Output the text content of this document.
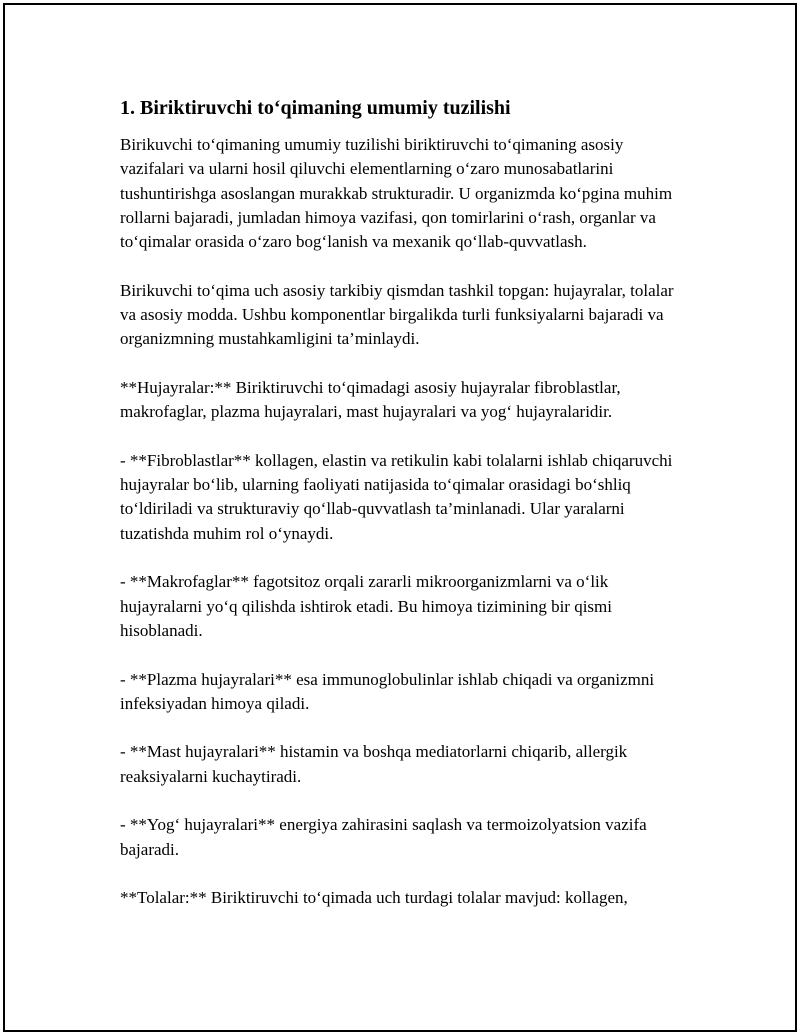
1. Biriktiruvchi to‘qimaning umumiy tuzilishi

Birikuvchi to‘qimaning umumiy tuzilishi biriktiruvchi to‘qimaning asosiy vazifalari va ularni hosil qiluvchi elementlarning o‘zaro munosabatlarini tushuntirishga asoslangan murakkab strukturadir. U organizmda ko‘pgina muhim rollarni bajaradi, jumladan himoya vazifasi, qon tomirlarini o‘rash, organlar va to‘qimalar orasida o‘zaro bog‘lanish va mexanik qo‘llab-quvvatlash.

Birikuvchi to‘qima uch asosiy tarkibiy qismdan tashkil topgan: hujayralar, tolalar va asosiy modda. Ushbu komponentlar birgalikda turli funksiyalarni bajaradi va organizmning mustahkamligini ta’minlaydi.

**Hujayralar:** Biriktiruvchi to‘qimadagi asosiy hujayralar fibroblastlar, makrofaglar, plazma hujayralari, mast hujayralari va yog‘ hujayralaridir.

- **Fibroblastlar** kollagen, elastin va retikulin kabi tolalarni ishlab chiqaruvchi hujayralar bo‘lib, ularning faoliyati natijasida to‘qimalar orasidagi bo‘shliq to‘ldiriladi va strukturaviy qo‘llab-quvvatlash ta’minlanadi. Ular yaralarni tuzatishda muhim rol o‘ynaydi.

- **Makrofaglar** fagotsitoz orqali zararli mikroorganizmlarni va o‘lik hujayralarni yo‘q qilishda ishtirok etadi. Bu himoya tizimining bir qismi hisoblanadi.

- **Plazma hujayralari** esa immunoglobulinlar ishlab chiqadi va organizmni infeksiyadan himoya qiladi.

- **Mast hujayralari** histamin va boshqa mediatorlarni chiqarib, allergik reaksiyalarni kuchaytiradi.

- **Yog‘ hujayralari** energiya zahirasini saqlash va termoizolyatsion vazifa bajaradi.

**Tolalar:** Biriktiruvchi to‘qimada uch turdagi tolalar mavjud: kollagen,
